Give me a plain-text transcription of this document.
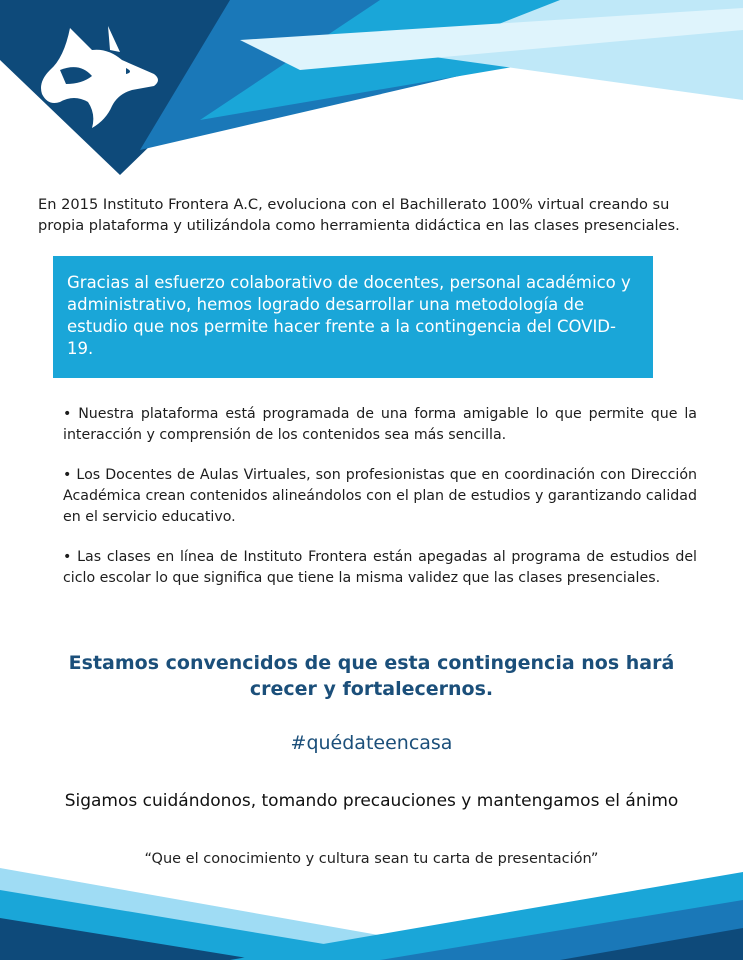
En 2015 Instituto Frontera A.C, evoluciona con el Bachillerato 100% virtual creando su propia plataforma y utilizándola como herramienta didáctica en las clases presenciales.

Gracias al esfuerzo colaborativo de docentes, personal académico y administrativo, hemos logrado desarrollar una metodología de estudio que nos permite hacer frente a la contingencia del COVID-19.

• Nuestra plataforma está programada de una forma amigable lo que permite que la interacción y comprensión de los contenidos sea más sencilla.
• Los Docentes de Aulas Virtuales, son profesionistas que en coordinación con Dirección Académica crean contenidos alineándolos con el plan de estudios y garantizando calidad en el servicio educativo.
• Las clases en línea de Instituto Frontera están apegadas al programa de estudios del ciclo escolar lo que significa que tiene la misma validez que las clases presenciales.

Estamos convencidos de que esta contingencia nos hará crecer y fortalecernos.

#quédateencasa

Sigamos cuidándonos, tomando precauciones y mantengamos el ánimo

“Que el conocimiento y cultura sean tu carta de presentación”
